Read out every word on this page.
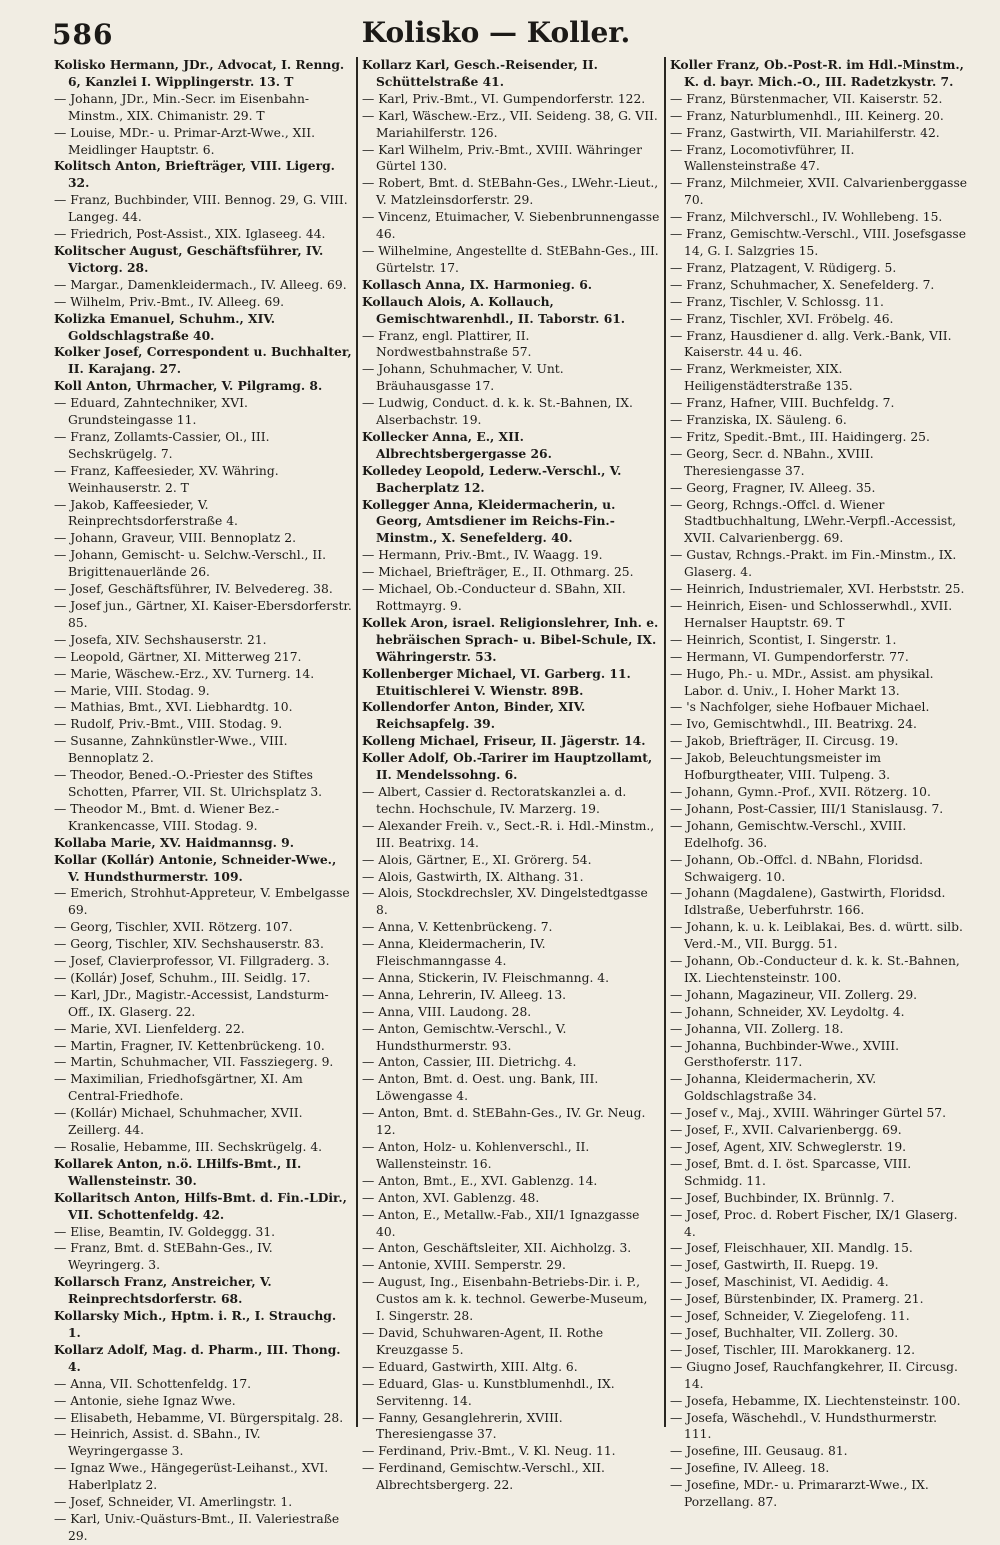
586	Kolisko — Koller.

Kolisko Hermann, JDr., Advocat, I. Renng. 6, Kanzlei I. Wipplingerstr. 13. T

— Johann, JDr., Min.-Secr. im Eisenbahn-Minstm., XIX. Chimanistr. 29. T

— Louise, MDr.- u. Primar-Arzt-Wwe., XII. Meidlinger Hauptstr. 6.

Kolitsch Anton, Briefträger, VIII. Ligerg. 32.

— Franz, Buchbinder, VIII. Bennog. 29, G. VIII. Langeg. 44.

— Friedrich, Post-Assist., XIX. Iglaseeg. 44.

Kolitscher August, Geschäftsführer, IV. Victorg. 28.

— Margar., Damenkleidermach., IV. Alleeg. 69.

— Wilhelm, Priv.-Bmt., IV. Alleeg. 69.

Kolizka Emanuel, Schuhm., XIV. Goldschlagstraße 40.

Kolker Josef, Correspondent u. Buchhalter, II. Karajang. 27.

Koll Anton, Uhrmacher, V. Pilgramg. 8.

— Eduard, Zahntechniker, XVI. Grundsteingasse 11.

— Franz, Zollamts-Cassier, Ol., III. Sechskrügelg. 7.

— Franz, Kaffeesieder, XV. Währing. Weinhauserstr. 2. T

— Jakob, Kaffeesieder, V. Reinprechtsdorferstraße 4.

— Johann, Graveur, VIII. Bennoplatz 2.

— Johann, Gemischt- u. Selchw.-Verschl., II. Brigittenauerlände 26.

— Josef, Geschäftsführer, IV. Belvedereg. 38.

— Josef jun., Gärtner, XI. Kaiser-Ebersdorferstr. 85.

— Josefa, XIV. Sechshauserstr. 21.

— Leopold, Gärtner, XI. Mitterweg 217.

— Marie, Wäschew.-Erz., XV. Turnerg. 14.

— Marie, VIII. Stodag. 9.

— Mathias, Bmt., XVI. Liebhardtg. 10.

— Rudolf, Priv.-Bmt., VIII. Stodag. 9.

— Susanne, Zahnkünstler-Wwe., VIII. Bennoplatz 2.

— Theodor, Bened.-O.-Priester des Stiftes Schotten, Pfarrer, VII. St. Ulrichsplatz 3.

— Theodor M., Bmt. d. Wiener Bez.-Krankencasse, VIII. Stodag. 9.

Kollaba Marie, XV. Haidmannsg. 9.

Kollar (Kollár) Antonie, Schneider-Wwe., V. Hundsthurmerstr. 109.

— Emerich, Strohhut-Appreteur, V. Embelgasse 69.

— Georg, Tischler, XVII. Rötzerg. 107.

— Georg, Tischler, XIV. Sechshauserstr. 83.

— Josef, Clavierprofessor, VI. Fillgraderg. 3.

— (Kollár) Josef, Schuhm., III. Seidlg. 17.

— Karl, JDr., Magistr.-Accessist, Landsturm-Off., IX. Glaserg. 22.

— Marie, XVI. Lienfelderg. 22.

— Martin, Fragner, IV. Kettenbrückeng. 10.

— Martin, Schuhmacher, VII. Fassziegerg. 9.

— Maximilian, Friedhofsgärtner, XI. Am Central-Friedhofe.

— (Kollár) Michael, Schuhmacher, XVII. Zeillerg. 44.

— Rosalie, Hebamme, III. Sechskrügelg. 4.

Kollarek Anton, n.ö. LHilfs-Bmt., II. Wallensteinstr. 30.

Kollaritsch Anton, Hilfs-Bmt. d. Fin.-LDir., VII. Schottenfeldg. 42.

— Elise, Beamtin, IV. Goldeggg. 31.

— Franz, Bmt. d. StEBahn-Ges., IV. Weyringerg. 3.

Kollarsch Franz, Anstreicher, V. Reinprechtsdorferstr. 68.

Kollarsky Mich., Hptm. i. R., I. Strauchg. 1.

Kollarz Adolf, Mag. d. Pharm., III. Thong. 4.

— Anna, VII. Schottenfeldg. 17.

— Antonie, siehe Ignaz Wwe.

— Elisabeth, Hebamme, VI. Bürgerspitalg. 28.

— Heinrich, Assist. d. SBahn., IV. Weyringergasse 3.

— Ignaz Wwe., Hängegerüst-Leihanst., XVI. Haberlplatz 2.

— Josef, Schneider, VI. Amerlingstr. 1.

— Karl, Univ.-Quästurs-Bmt., II. Valeriestraße 29.

Kollarz Karl, Gesch.-Reisender, II. Schüttelstraße 41.

— Karl, Priv.-Bmt., VI. Gumpendorferstr. 122.

— Karl, Wäschew.-Erz., VII. Seideng. 38, G. VII. Mariahilferstr. 126.

— Karl Wilhelm, Priv.-Bmt., XVIII. Währinger Gürtel 130.

— Robert, Bmt. d. StEBahn-Ges., LWehr.-Lieut., V. Matzleinsdorferstr. 29.

— Vincenz, Etuimacher, V. Siebenbrunnengasse 46.

— Wilhelmine, Angestellte d. StEBahn-Ges., III. Gürtelstr. 17.

Kollasch Anna, IX. Harmonieg. 6.

Kollauch Alois, A. Kollauch, Gemischtwarenhdl., II. Taborstr. 61.

— Franz, engl. Plattirer, II. Nordwestbahnstraße 57.

— Johann, Schuhmacher, V. Unt. Bräuhausgasse 17.

— Ludwig, Conduct. d. k. k. St.-Bahnen, IX. Alserbachstr. 19.

Kollecker Anna, E., XII. Albrechtsbergergasse 26.

Kolledey Leopold, Lederw.-Verschl., V. Bacherplatz 12.

Kollegger Anna, Kleidermacherin, u. Georg, Amtsdiener im Reichs-Fin.-Minstm., X. Senefelderg. 40.

— Hermann, Priv.-Bmt., IV. Waagg. 19.

— Michael, Briefträger, E., II. Othmarg. 25.

— Michael, Ob.-Conducteur d. SBahn, XII. Rottmayrg. 9.

Kollek Aron, israel. Religionslehrer, Inh. e. hebräischen Sprach- u. Bibel-Schule, IX. Währingerstr. 53.

Kollenberger Michael, VI. Garberg. 11. Etuitischlerei V. Wienstr. 89B.

Kollendorfer Anton, Binder, XIV. Reichsapfelg. 39.

Kolleng Michael, Friseur, II. Jägerstr. 14.

Koller Adolf, Ob.-Tarirer im Hauptzollamt, II. Mendelssohng. 6.

— Albert, Cassier d. Rectoratskanzlei a. d. techn. Hochschule, IV. Marzerg. 19.

— Alexander Freih. v., Sect.-R. i. Hdl.-Minstm., III. Beatrixg. 14.

— Alois, Gärtner, E., XI. Grörerg. 54.

— Alois, Gastwirth, IX. Althang. 31.

— Alois, Stockdrechsler, XV. Dingelstedtgasse 8.

— Anna, V. Kettenbrückeng. 7.

— Anna, Kleidermacherin, IV. Fleischmanngasse 4.

— Anna, Stickerin, IV. Fleischmanng. 4.

— Anna, Lehrerin, IV. Alleeg. 13.

— Anna, VIII. Laudong. 28.

— Anton, Gemischtw.-Verschl., V. Hundsthurmerstr. 93.

— Anton, Cassier, III. Dietrichg. 4.

— Anton, Bmt. d. Oest. ung. Bank, III. Löwengasse 4.

— Anton, Bmt. d. StEBahn-Ges., IV. Gr. Neug. 12.

— Anton, Holz- u. Kohlenverschl., II. Wallensteinstr. 16.

— Anton, Bmt., E., XVI. Gablenzg. 14.

— Anton, XVI. Gablenzg. 48.

— Anton, E., Metallw.-Fab., XII/1 Ignazgasse 40.

— Anton, Geschäftsleiter, XII. Aichholzg. 3.

— Antonie, XVIII. Semperstr. 29.

— August, Ing., Eisenbahn-Betriebs-Dir. i. P., Custos am k. k. technol. Gewerbe-Museum, I. Singerstr. 28.

— David, Schuhwaren-Agent, II. Rothe Kreuzgasse 5.

— Eduard, Gastwirth, XIII. Altg. 6.

— Eduard, Glas- u. Kunstblumenhdl., IX. Servitenng. 14.

— Fanny, Gesanglehrerin, XVIII. Theresiengasse 37.

— Ferdinand, Priv.-Bmt., V. Kl. Neug. 11.

— Ferdinand, Gemischtw.-Verschl., XII. Albrechtsbergerg. 22.

Koller Franz, Ob.-Post-R. im Hdl.-Minstm., K. d. bayr. Mich.-O., III. Radetzkystr. 7.

— Franz, Bürstenmacher, VII. Kaiserstr. 52.

— Franz, Naturblumenhdl., III. Keinerg. 20.

— Franz, Gastwirth, VII. Mariahilferstr. 42.

— Franz, Locomotivführer, II. Wallensteinstraße 47.

— Franz, Milchmeier, XVII. Calvarienberggasse 70.

— Franz, Milchverschl., IV. Wohllebeng. 15.

— Franz, Gemischtw.-Verschl., VIII. Josefsgasse 14, G. I. Salzgries 15.

— Franz, Platzagent, V. Rüdigerg. 5.

— Franz, Schuhmacher, X. Senefelderg. 7.

— Franz, Tischler, V. Schlossg. 11.

— Franz, Tischler, XVI. Fröbelg. 46.

— Franz, Hausdiener d. allg. Verk.-Bank, VII. Kaiserstr. 44 u. 46.

— Franz, Werkmeister, XIX. Heiligenstädterstraße 135.

— Franz, Hafner, VIII. Buchfeldg. 7.

— Franziska, IX. Säuleng. 6.

— Fritz, Spedit.-Bmt., III. Haidingerg. 25.

— Georg, Secr. d. NBahn., XVIII. Theresiengasse 37.

— Georg, Fragner, IV. Alleeg. 35.

— Georg, Rchngs.-Offcl. d. Wiener Stadtbuchhaltung, LWehr.-Verpfl.-Accessist, XVII. Calvarienbergg. 69.

— Gustav, Rchngs.-Prakt. im Fin.-Minstm., IX. Glaserg. 4.

— Heinrich, Industriemaler, XVI. Herbststr. 25.

— Heinrich, Eisen- und Schlosserwhdl., XVII. Hernalser Hauptstr. 69. T

— Heinrich, Scontist, I. Singerstr. 1.

— Hermann, VI. Gumpendorferstr. 77.

— Hugo, Ph.- u. MDr., Assist. am physikal. Labor. d. Univ., I. Hoher Markt 13.

— 's Nachfolger, siehe Hofbauer Michael.

— Ivo, Gemischtwhdl., III. Beatrixg. 24.

— Jakob, Briefträger, II. Circusg. 19.

— Jakob, Beleuchtungsmeister im Hofburgtheater, VIII. Tulpeng. 3.

— Johann, Gymn.-Prof., XVII. Rötzerg. 10.

— Johann, Post-Cassier, III/1 Stanislausg. 7.

— Johann, Gemischtw.-Verschl., XVIII. Edelhofg. 36.

— Johann, Ob.-Offcl. d. NBahn, Floridsd. Schwaigerg. 10.

— Johann (Magdalene), Gastwirth, Floridsd. Idlstraße, Ueberfuhrstr. 166.

— Johann, k. u. k. Leiblakai, Bes. d. württ. silb. Verd.-M., VII. Burgg. 51.

— Johann, Ob.-Conducteur d. k. k. St.-Bahnen, IX. Liechtensteinstr. 100.

— Johann, Magazineur, VII. Zollerg. 29.

— Johann, Schneider, XV. Leydoltg. 4.

— Johanna, VII. Zollerg. 18.

— Johanna, Buchbinder-Wwe., XVIII. Gersthoferstr. 117.

— Johanna, Kleidermacherin, XV. Goldschlagstraße 34.

— Josef v., Maj., XVIII. Währinger Gürtel 57.

— Josef, F., XVII. Calvarienbergg. 69.

— Josef, Agent, XIV. Schweglerstr. 19.

— Josef, Bmt. d. I. öst. Sparcasse, VIII. Schmidg. 11.

— Josef, Buchbinder, IX. Brünnlg. 7.

— Josef, Proc. d. Robert Fischer, IX/1 Glaserg. 4.

— Josef, Fleischhauer, XII. Mandlg. 15.

— Josef, Gastwirth, II. Ruepg. 19.

— Josef, Maschinist, VI. Aedidig. 4.

— Josef, Bürstenbinder, IX. Pramerg. 21.

— Josef, Schneider, V. Ziegelofeng. 11.

— Josef, Buchhalter, VII. Zollerg. 30.

— Josef, Tischler, III. Marokkanerg. 12.

— Giugno Josef, Rauchfangkehrer, II. Circusg. 14.

— Josefa, Hebamme, IX. Liechtensteinstr. 100.

— Josefa, Wäschehdl., V. Hundsthurmerstr. 111.

— Josefine, III. Geusaug. 81.

— Josefine, IV. Alleeg. 18.

— Josefine, MDr.- u. Primararzt-Wwe., IX. Porzellang. 87.
